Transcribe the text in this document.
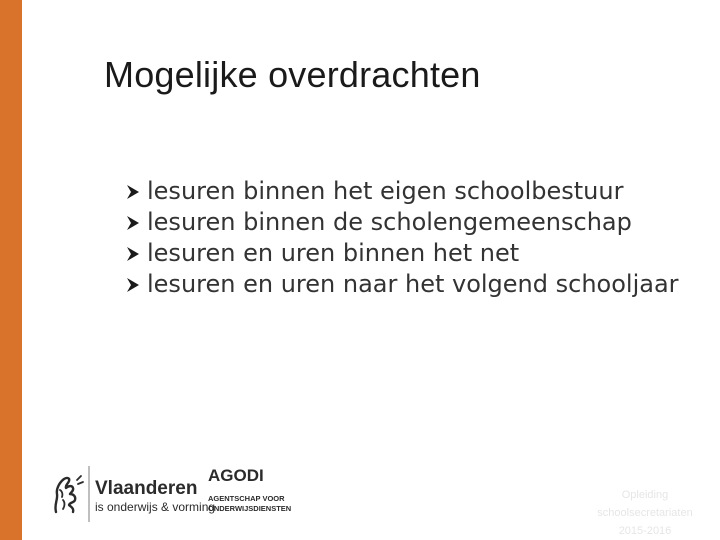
Mogelijke overdrachten
lesuren binnen het eigen schoolbestuur
lesuren binnen de scholengemeenschap
lesuren en uren binnen het net
lesuren en uren naar het volgend schooljaar
Vlaanderen
is onderwijs & vorming
AGODI
AGENTSCHAP VOOR
ONDERWIJSDIENSTEN
Opleiding
schoolsecretariaten
2015-2016
